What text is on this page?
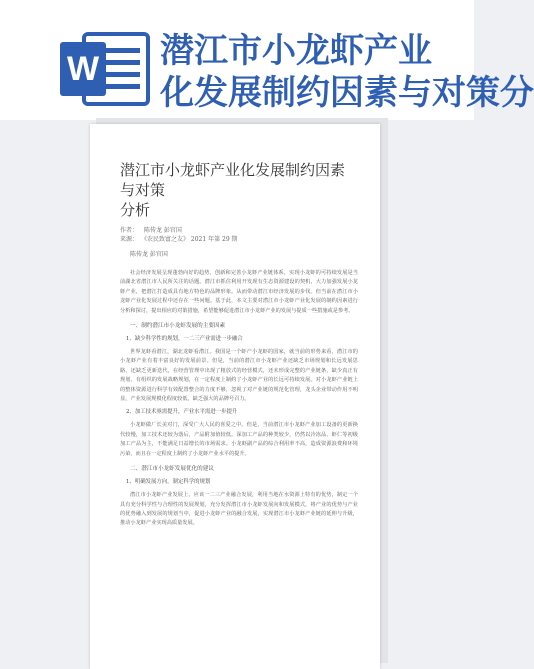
W 潜江市小龙虾产业
化发展制约因素与对策分
潜江市小龙虾产业化发展制约因素与对策
分析
作者： 陈传龙 彭官国
来源： 《农民致富之友》 2021 年第 29 期
陈传龙 彭官国

社会经济发展呈现蓬勃向好的趋势，创新和完善小龙虾产业链体系，实现小龙虾的可持续发展是当前湖北省潜江市人民所关注的话题。潜江市抓住利用开发现有生态资源建设的契机，大力加强发展小龙虾产业，把潜江打造成具有地方特色的品牌形象。从而带动潜江市经济发展的步伐。但当前在潜江市小龙虾产业化发展过程中还存在一些问题。基于此，本文主要对潜江市小龙虾产业化发展的制约因素进行分析和探讨，提出相应的对策措施，希望能够促进潜江市小龙虾产业的发展与提质一些措施或是参考。

一、制约潜江市小龙虾发展的主要因素
1、缺少科学性的规划，一二三产业需进一步融合

世界龙虾看潜江，湖北龙虾看潜江。我国是一个虾产小龙虾的国家，就当前的形势来看，潜江市的小龙虾产业有着丰富良好的发展前景。但是，当前的潜江市小龙虾产业还缺乏市场规划和长远发展思路，还缺乏更新迭代，在经营管理中出现了粗放式的经营模式，还未形成完整的产业链条，缺少真正有规划、有组织的发展战略规划，在一定程度上制约了小龙虾产业的长远可持续发展。对小龙虾产业链上的整体资源进行科学有效配置整合的力度不够，忽视了对产业链的规范化管理，龙头企业带动作用不明显，产业发展规模化程度较低，缺乏强大的品牌号召力。

2、加工技术亟需提升，产业水平需进一步提升

小龙虾做厂长美对门，深受广大人民的喜爱之中。但是，当前潜江市小龙虾产业加工设备的更新换代较慢，加工技术还较为落后，产品附加值较低。深加工产品的种类较少，仍然以冷冻品、虾仁等初级加工产品为主，不能满足日益增长的市场需求。小龙虾副产品的综合利用率不高，造成资源浪费和环境污染，而且在一定程度上制约了小龙虾产业水平的提升。

二、潜江市小龙虾发展优化的建议
1、明确发展方向，制定科学的规划

潜江市小龙虾产业发展上，应该一二三产业融合发展，利用当地在水资源上特有的优势，制定一个具有充分科学性与合理性的发展规划，充分发挥潜江市小龙虾发展向和发展模式，将产业的优势与产业的优势融入到发展的规划当中，促进小龙虾产业的融合发展，实现潜江市小龙虾产业链的延伸与升级，推动小龙虾产业实现高质量发展。
